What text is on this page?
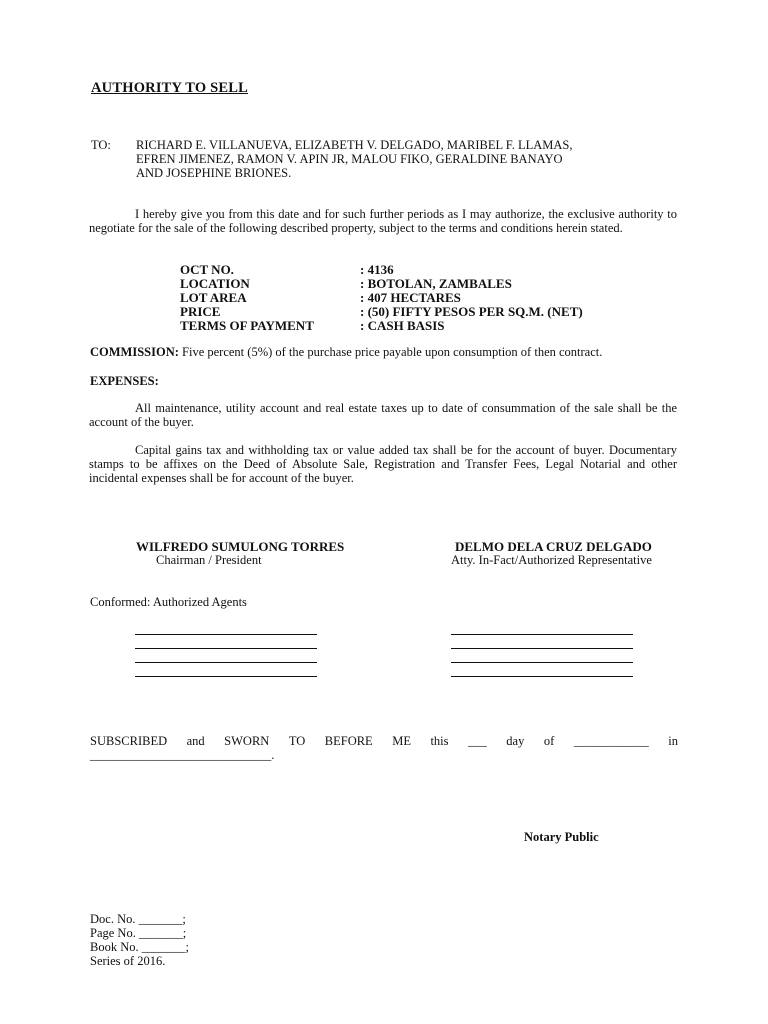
AUTHORITY TO SELL
TO: RICHARD E. VILLANUEVA, ELIZABETH V. DELGADO, MARIBEL F. LLAMAS,
EFREN JIMENEZ, RAMON V. APIN JR, MALOU FIKO, GERALDINE BANAYO
AND JOSEPHINE BRIONES.
I hereby give you from this date and for such further periods as I may authorize, the exclusive authority to negotiate for the sale of the following described property, subject to the terms and conditions herein stated.
OCT NO.	: 4136
LOCATION	: BOTOLAN, ZAMBALES
LOT AREA	: 407 HECTARES
PRICE	: (50) FIFTY PESOS PER SQ.M. (NET)
TERMS OF PAYMENT	: CASH BASIS
COMMISSION: Five percent (5%) of the purchase price payable upon consumption of then contract.
EXPENSES:
All maintenance, utility account and real estate taxes up to date of consummation of the sale shall be the account of the buyer.
Capital gains tax and withholding tax or value added tax shall be for the account of buyer. Documentary stamps to be affixes on the Deed of Absolute Sale, Registration and Transfer Fees, Legal Notarial and other incidental expenses shall be for account of the buyer.
WILFREDO SUMULONG TORRES
Chairman / President
DELMO DELA CRUZ DELGADO
Atty. In-Fact/Authorized Representative
Conformed: Authorized Agents
SUBSCRIBED and SWORN TO BEFORE ME this ___ day of ____________ in
_____________________________.
Notary Public
Doc. No. _______;
Page No. _______;
Book No. _______;
Series of 2016.
